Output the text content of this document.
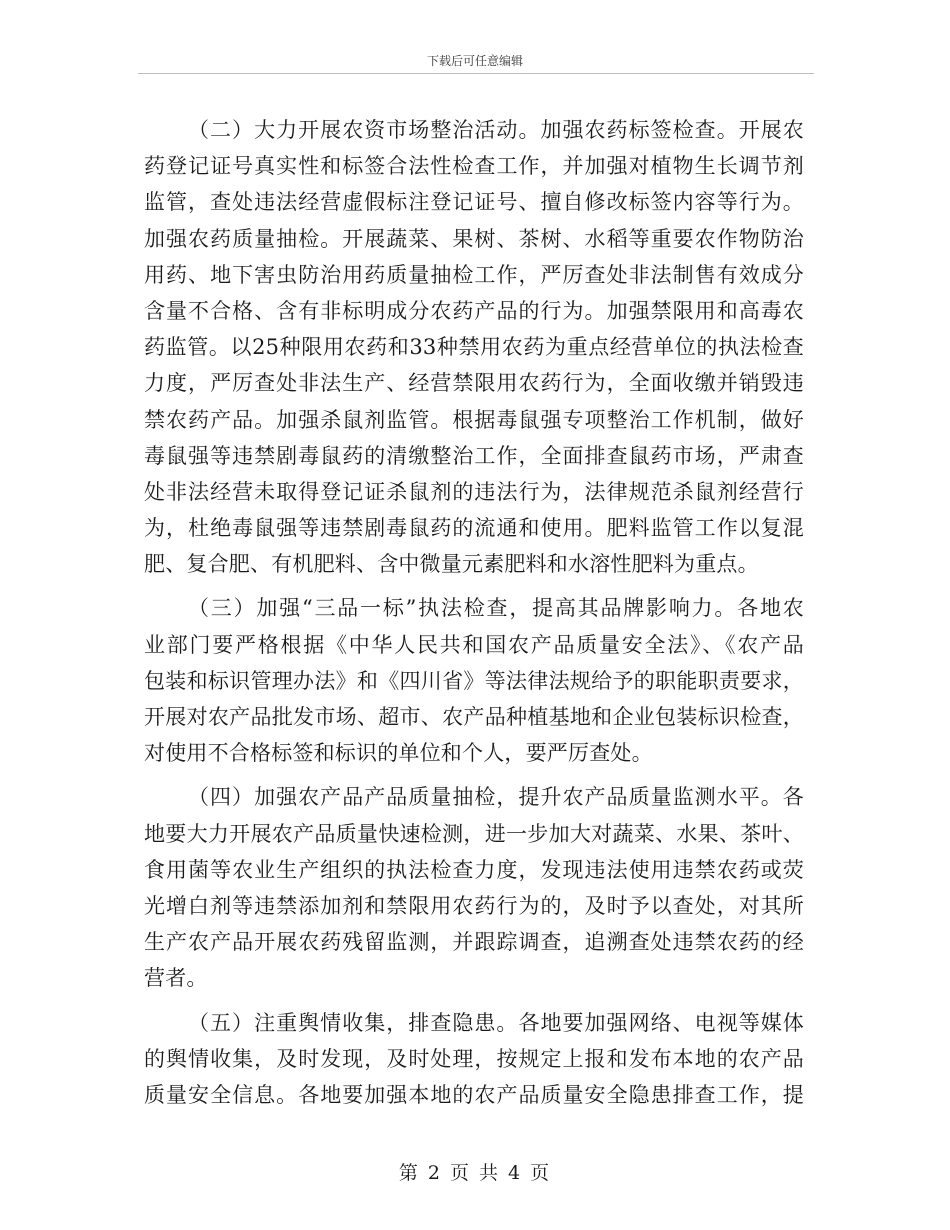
下载后可任意编辑
（二）大力开展农资市场整治活动。加强农药标签检查。开展农
药登记证号真实性和标签合法性检查工作，并加强对植物生长调节剂
监管，查处违法经营虚假标注登记证号、擅自修改标签内容等行为。
加强农药质量抽检。开展蔬菜、果树、茶树、水稻等重要农作物防治
用药、地下害虫防治用药质量抽检工作，严厉查处非法制售有效成分
含量不合格、含有非标明成分农药产品的行为。加强禁限用和高毒农
药监管。以25种限用农药和33种禁用农药为重点经营单位的执法检查
力度，严厉查处非法生产、经营禁限用农药行为，全面收缴并销毁违
禁农药产品。加强杀鼠剂监管。根据毒鼠强专项整治工作机制，做好
毒鼠强等违禁剧毒鼠药的清缴整治工作，全面排查鼠药市场，严肃查
处非法经营未取得登记证杀鼠剂的违法行为，法律规范杀鼠剂经营行
为，杜绝毒鼠强等违禁剧毒鼠药的流通和使用。肥料监管工作以复混
肥、复合肥、有机肥料、含中微量元素肥料和水溶性肥料为重点。
（三）加强“三品一标”执法检查，提高其品牌影响力。各地农
业部门要严格根据《中华人民共和国农产品质量安全法》、《农产品
包装和标识管理办法》和《四川省》等法律法规给予的职能职责要求，
开展对农产品批发市场、超市、农产品种植基地和企业包装标识检查，
对使用不合格标签和标识的单位和个人，要严厉查处。
（四）加强农产品产品质量抽检，提升农产品质量监测水平。各
地要大力开展农产品质量快速检测，进一步加大对蔬菜、水果、茶叶、
食用菌等农业生产组织的执法检查力度，发现违法使用违禁农药或荧
光增白剂等违禁添加剂和禁限用农药行为的，及时予以查处，对其所
生产农产品开展农药残留监测，并跟踪调查，追溯查处违禁农药的经
营者。
（五）注重舆情收集，排查隐患。各地要加强网络、电视等媒体
的舆情收集，及时发现，及时处理，按规定上报和发布本地的农产品
质量安全信息。各地要加强本地的农产品质量安全隐患排查工作，提
第 2 页 共 4 页
